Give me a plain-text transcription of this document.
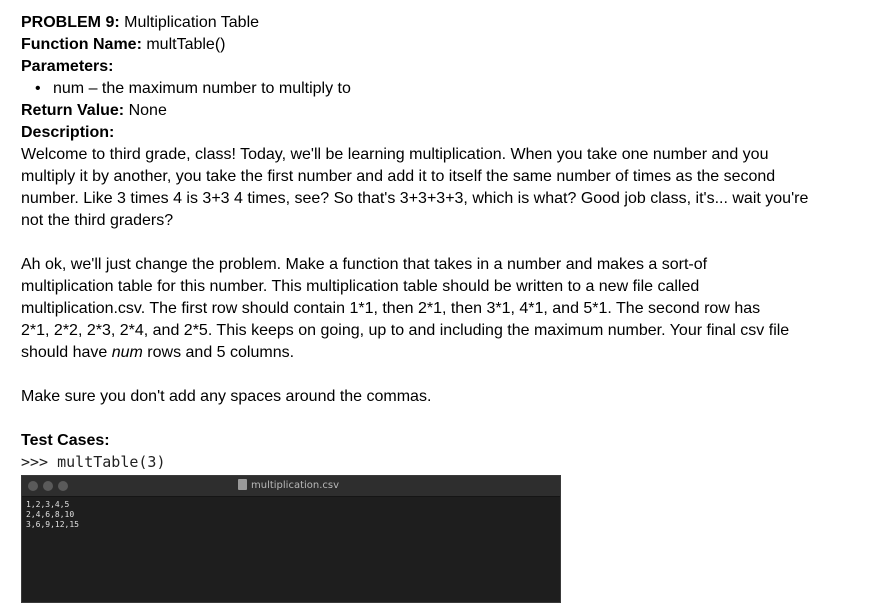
PROBLEM 9: Multiplication Table
Function Name: multTable()
Parameters:
• num – the maximum number to multiply to
Return Value: None
Description:
Welcome to third grade, class! Today, we'll be learning multiplication. When you take one number and you
multiply it by another, you take the first number and add it to itself the same number of times as the second
number. Like 3 times 4 is 3+3 4 times, see? So that's 3+3+3+3, which is what? Good job class, it's... wait you're
not the third graders?
Ah ok, we'll just change the problem. Make a function that takes in a number and makes a sort-of
multiplication table for this number. This multiplication table should be written to a new file called
multiplication.csv. The first row should contain 1*1, then 2*1, then 3*1, 4*1, and 5*1. The second row has
2*1, 2*2, 2*3, 2*4, and 2*5. This keeps on going, up to and including the maximum number. Your final csv file
should have num rows and 5 columns.
Make sure you don't add any spaces around the commas.
Test Cases:
>>> multTable(3)
multiplication.csv
1,2,3,4,5
2,4,6,8,10
3,6,9,12,15
